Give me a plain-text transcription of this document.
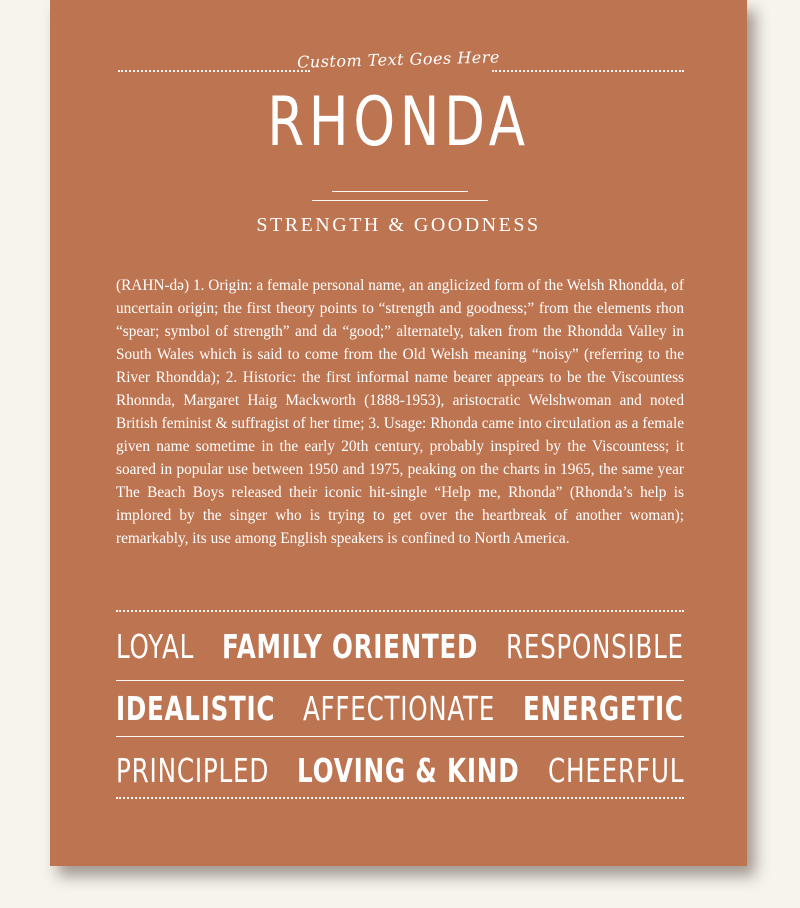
Custom Text Goes Here
RHONDA
STRENGTH & GOODNESS

(RAHN-də) 1. Origin: a female personal name, an anglicized form of the Welsh Rhondda, of uncertain origin; the first theory points to “strength and goodness;” from the elements rhon “spear; symbol of strength” and da “good;” alternately, taken from the Rhondda Valley in South Wales which is said to come from the Old Welsh meaning “noisy” (referring to the River Rhondda); 2. Historic: the first informal name bearer appears to be the Viscountess Rhonnda, Margaret Haig Mackworth (1888-1953), aristocratic Welshwoman and noted British feminist & suffragist of her time; 3. Usage: Rhonda came into circulation as a female given name sometime in the early 20th century, probably inspired by the Viscountess; it soared in popular use between 1950 and 1975, peaking on the charts in 1965, the same year The Beach Boys released their iconic hit-single “Help me, Rhonda” (Rhonda’s help is implored by the singer who is trying to get over the heartbreak of another woman); remarkably, its use among English speakers is confined to North America.

LOYAL FAMILY ORIENTED RESPONSIBLE
IDEALISTIC AFFECTIONATE ENERGETIC
PRINCIPLED LOVING & KIND CHEERFUL
